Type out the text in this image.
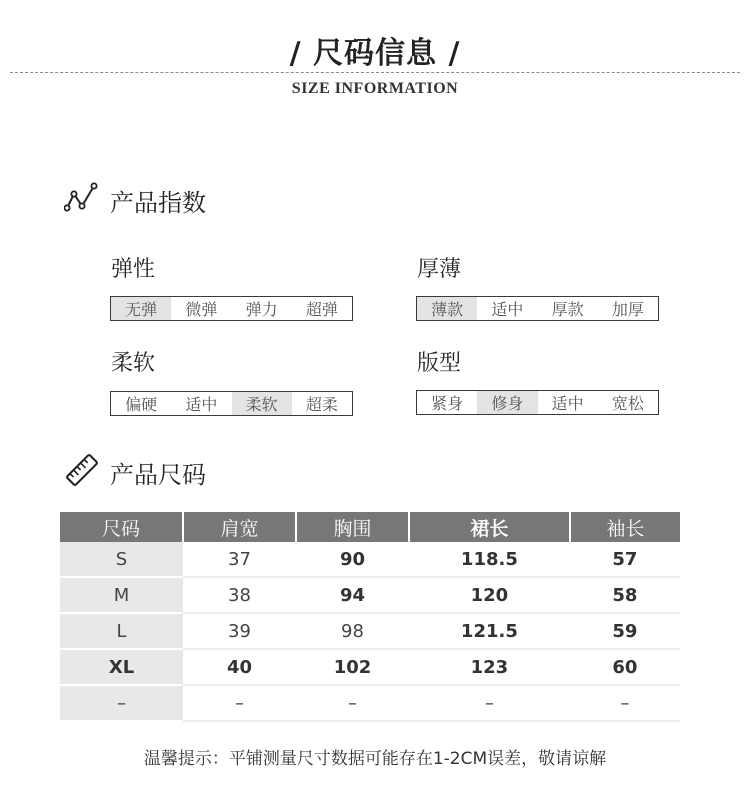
/ 尺码信息 /
SIZE INFORMATION
产品指数
弹性
无弹	微弹	弹力	超弹
厚薄
薄款	适中	厚款	加厚
柔软
偏硬	适中	柔软	超柔
版型
紧身	修身	适中	宽松
产品尺码
尺码	肩宽	胸围	裙长	袖长
S	37	90	118.5	57
M	38	94	120	58
L	39	98	121.5	59
XL	40	102	123	60
–	–	–	–	–
温馨提示：平铺测量尺寸数据可能存在1-2CM误差，敬请谅解
